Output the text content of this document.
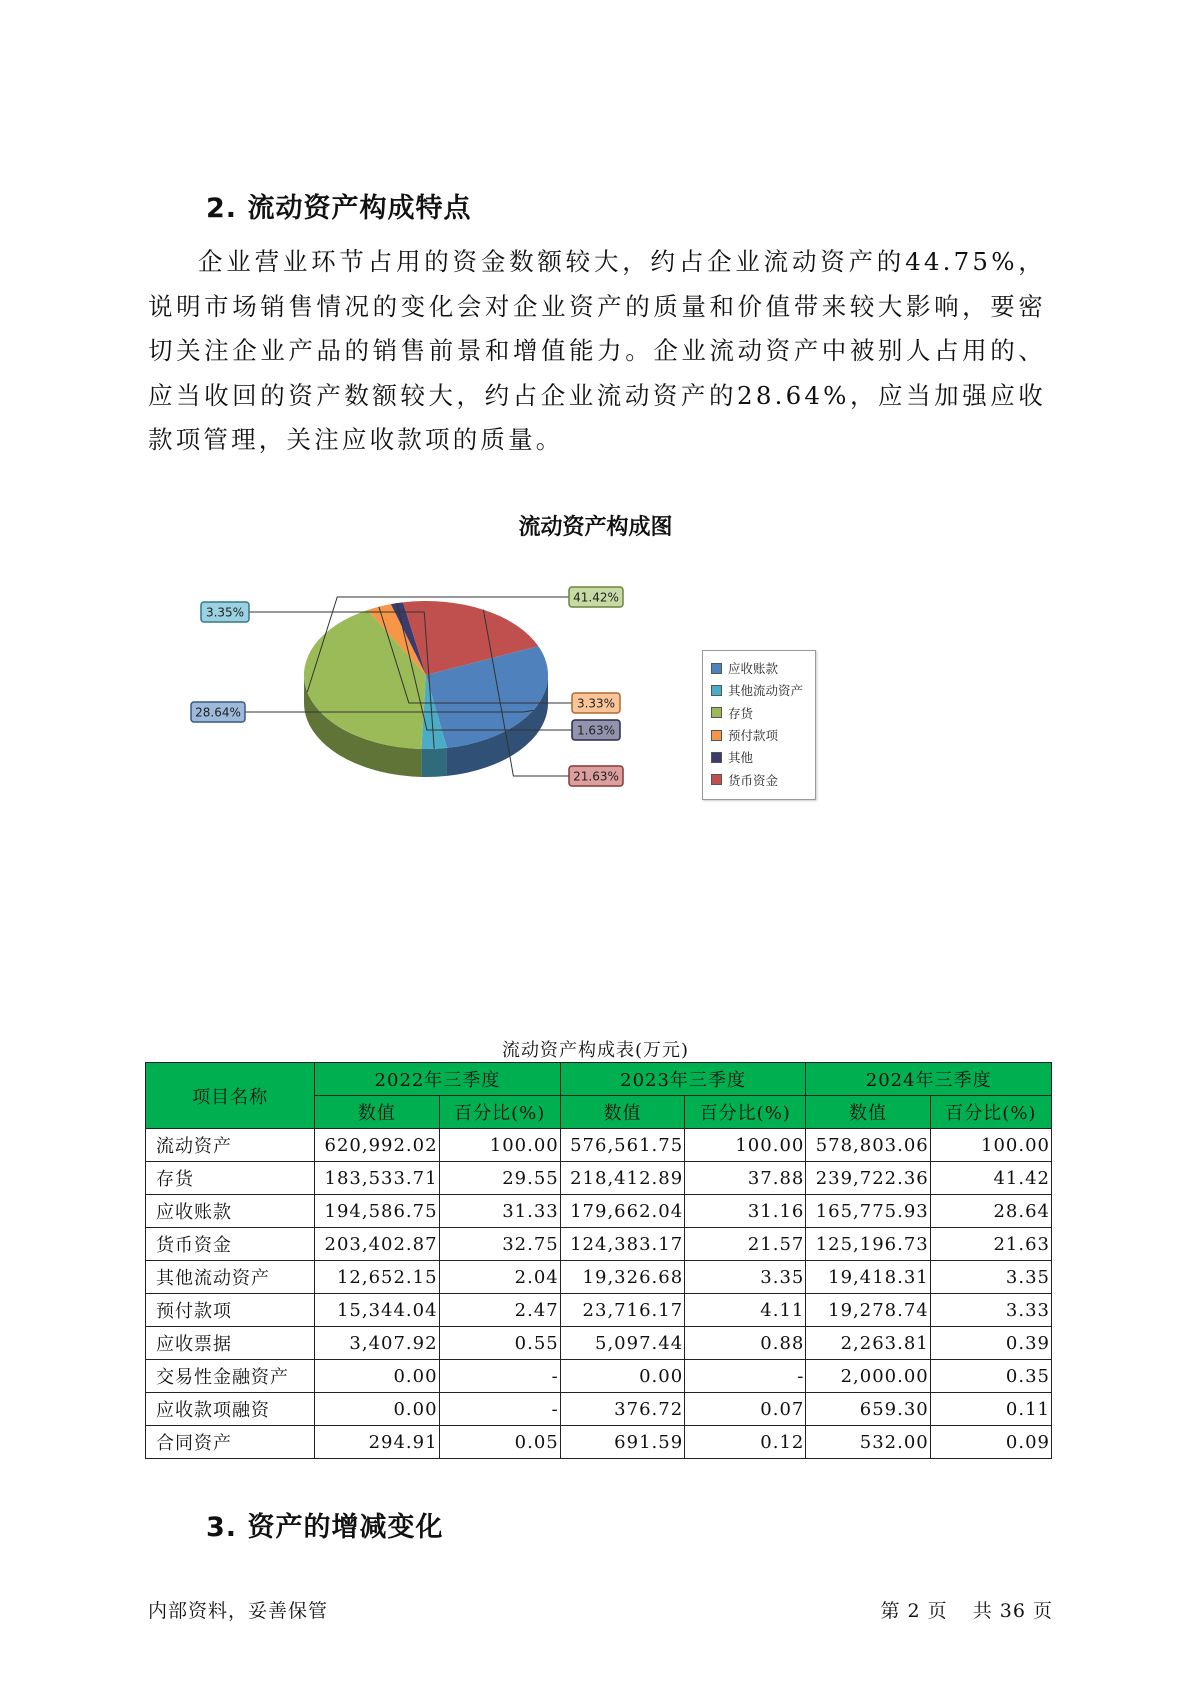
2. 流动资产构成特点

企业营业环节占用的资金数额较大，约占企业流动资产的44.75%，说明市场销售情况的变化会对企业资产的质量和价值带来较大影响，要密切关注企业产品的销售前景和增值能力。企业流动资产中被别人占用的、应当收回的资产数额较大，约占企业流动资产的28.64%，应当加强应收款项管理，关注应收款项的质量。

流动资产构成图
28.64%
3.35%
41.42%
3.33%
1.63%
21.63%
应收账款
其他流动资产
存货
预付款项
其他
货币资金
流动资产构成表(万元)
项目名称	2022年三季度		2023年三季度		2024年三季度	
	数值	百分比(%)	数值	百分比(%)	数值	百分比(%)
流动资产	620,992.02	100.00	576,561.75	100.00	578,803.06	100.00
存货	183,533.71	29.55	218,412.89	37.88	239,722.36	41.42
应收账款	194,586.75	31.33	179,662.04	31.16	165,775.93	28.64
货币资金	203,402.87	32.75	124,383.17	21.57	125,196.73	21.63
其他流动资产	12,652.15	2.04	19,326.68	3.35	19,418.31	3.35
预付款项	15,344.04	2.47	23,716.17	4.11	19,278.74	3.33
应收票据	3,407.92	0.55	5,097.44	0.88	2,263.81	0.39
交易性金融资产	0.00	-	0.00	-	2,000.00	0.35
应收款项融资	0.00	-	376.72	0.07	659.30	0.11
合同资产	294.91	0.05	691.59	0.12	532.00	0.09
3. 资产的增减变化
内部资料，妥善保管	第 2 页 共 36 页
